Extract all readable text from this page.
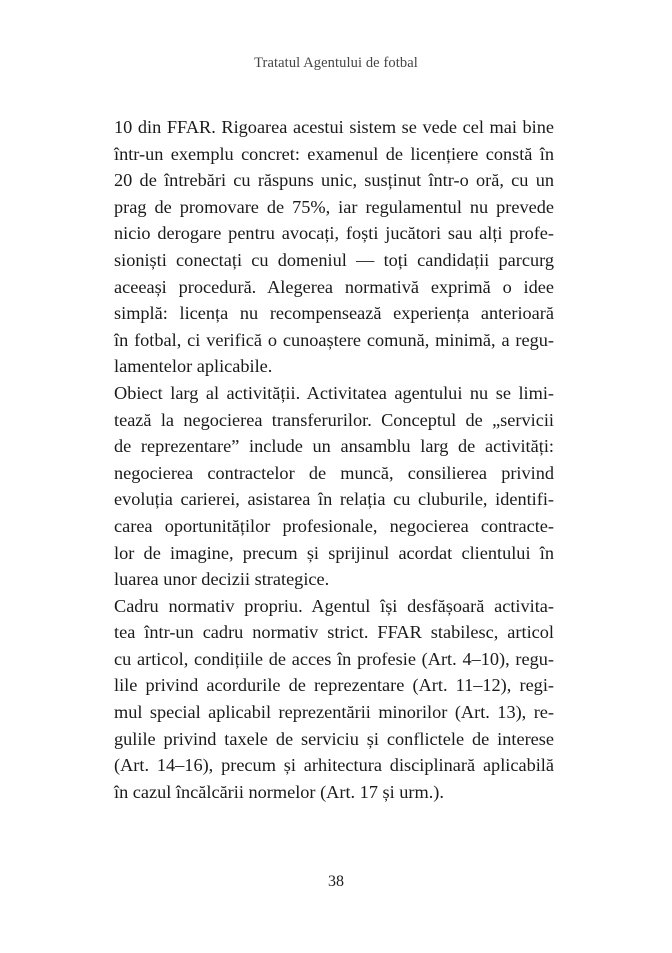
Tratatul Agentului de fotbal
10 din FFAR. Rigoarea acestui sistem se vede cel mai bine
într-un exemplu concret: examenul de licențiere constă în
20 de întrebări cu răspuns unic, susținut într-o oră, cu un
prag de promovare de 75%, iar regulamentul nu prevede
nicio derogare pentru avocați, foști jucători sau alți profe-
sioniști conectați cu domeniul — toți candidații parcurg
aceeași procedură. Alegerea normativă exprimă o idee
simplă: licența nu recompensează experiența anterioară
în fotbal, ci verifică o cunoaștere comună, minimă, a regu-
lamentelor aplicabile.
Obiect larg al activității. Activitatea agentului nu se limi-
tează la negocierea transferurilor. Conceptul de „servicii
de reprezentare” include un ansamblu larg de activități:
negocierea contractelor de muncă, consilierea privind
evoluția carierei, asistarea în relația cu cluburile, identifi-
carea oportunităților profesionale, negocierea contracte-
lor de imagine, precum și sprijinul acordat clientului în
luarea unor decizii strategice.
Cadru normativ propriu. Agentul își desfășoară activita-
tea într-un cadru normativ strict. FFAR stabilesc, articol
cu articol, condițiile de acces în profesie (Art. 4–10), regu-
lile privind acordurile de reprezentare (Art. 11–12), regi-
mul special aplicabil reprezentării minorilor (Art. 13), re-
gulile privind taxele de serviciu și conflictele de interese
(Art. 14–16), precum și arhitectura disciplinară aplicabilă
în cazul încălcării normelor (Art. 17 și urm.).
38
